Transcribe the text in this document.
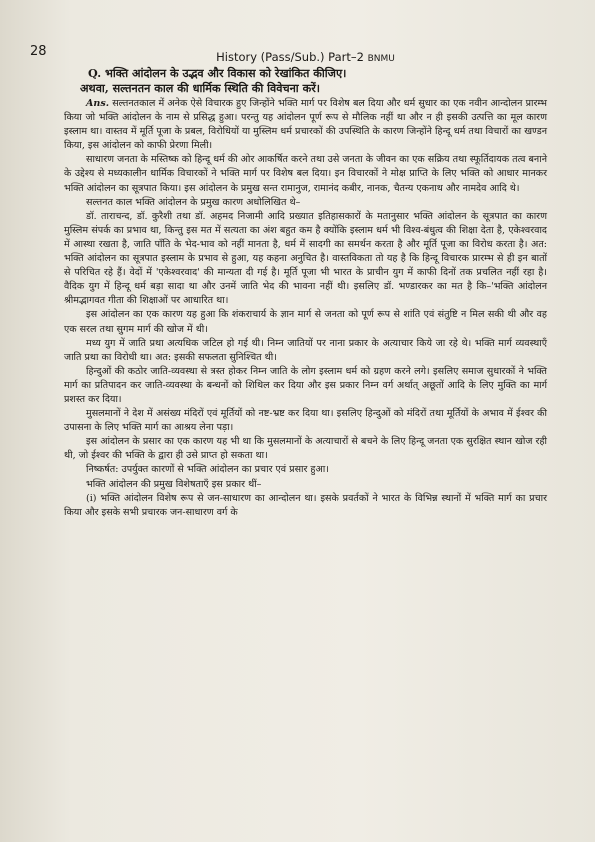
28	History (Pass/Sub.) Part–2 BNMU
Q. भक्ति आंदोलन के उद्भव और विकास को रेखांकित कीजिए।
अथवा, सल्तनतन काल की धार्मिक स्थिति की विवेचना करें।

Ans. सल्तनतकाल में अनेक ऐसे विचारक हुए जिन्होंने भक्ति मार्ग पर विशेष बल दिया और धर्म सुधार का एक नवीन आन्दोलन प्रारम्भ किया जो भक्ति आंदोलन के नाम से प्रसिद्ध हुआ। परन्तु यह आंदोलन पूर्ण रूप से मौलिक नहीं था और न ही इसकी उत्पत्ति का मूल कारण इस्लाम था। वास्तव में मूर्ति पूजा के प्रबल, विरोधियों या मुस्लिम धर्म प्रचारकों की उपस्थिति के कारण जिन्होंने हिन्दू धर्म तथा विचारों का खण्डन किया, इस आंदोलन को काफी प्रेरणा मिली।

साधारण जनता के मस्तिष्क को हिन्दू धर्म की ओर आकर्षित करने तथा उसे जनता के जीवन का एक सक्रिय तथा स्फूर्तिदायक तत्व बनाने के उद्देश्य से मध्यकालीन धार्मिक विचारकों ने भक्ति मार्ग पर विशेष बल दिया। इन विचारकों ने मोक्ष प्राप्ति के लिए भक्ति को आधार मानकर भक्ति आंदोलन का सूत्रपात किया। इस आंदोलन के प्रमुख सन्त रामानुज, रामानंद कबीर, नानक, चैतन्य एकनाथ और नामदेव आदि थे।

सल्तनत काल भक्ति आंदोलन के प्रमुख कारण अधोलिखित थे–

डॉ. ताराचन्द, डॉ. कुरैशी तथा डॉ. अहमद निजामी आदि प्रख्यात इतिहासकारों के मतानुसार भक्ति आंदोलन के सूत्रपात का कारण मुस्लिम संपर्क का प्रभाव था, किन्तु इस मत में सत्यता का अंश बहुत कम है क्योंकि इस्लाम धर्म भी विश्व-बंधुत्व की शिक्षा देता है, एकेश्वरवाद में आस्था रखता है, जाति पाँति के भेद-भाव को नहीं मानता है, धर्म में सादगी का समर्थन करता है और मूर्ति पूजा का विरोध करता है। अत: भक्ति आंदोलन का सूत्रपात इस्लाम के प्रभाव से हुआ, यह कहना अनुचित है। वास्तविकता तो यह है कि हिन्दू विचारक प्रारम्भ से ही इन बातों से परिचित रहे हैं। वेदों में 'एकेश्वरवाद' की मान्यता दी गई है। मूर्ति पूजा भी भारत के प्राचीन युग में काफी दिनों तक प्रचलित नहीं रहा है। वैदिक युग में हिन्दू धर्म बड़ा सादा था और उनमें जाति भेद की भावना नहीं थी। इसलिए डॉ. भण्डारकर का मत है कि–'भक्ति आंदोलन श्रीमद्भागवत गीता की शिक्षाओं पर आधारित था।

इस आंदोलन का एक कारण यह हुआ कि शंकराचार्य के ज्ञान मार्ग से जनता को पूर्ण रूप से शांति एवं संतुष्टि न मिल सकी थी और वह एक सरल तथा सुगम मार्ग की खोज में थी।

मध्य युग में जाति प्रथा अत्यधिक जटिल हो गई थी। निम्न जातियों पर नाना प्रकार के अत्याचार किये जा रहे थे। भक्ति मार्ग व्यवस्थाएँ जाति प्रथा का विरोधी था। अत: इसकी सफलता सुनिश्चित थी।

हिन्दुओं की कठोर जाति-व्यवस्था से त्रस्त होकर निम्न जाति के लोग इस्लाम धर्म को ग्रहण करने लगे। इसलिए समाज सुधारकों ने भक्ति मार्ग का प्रतिपादन कर जाति-व्यवस्था के बन्धनों को शिथिल कर दिया और इस प्रकार निम्न वर्ग अर्थात् अछूतों आदि के लिए मुक्ति का मार्ग प्रशस्त कर दिया।

मुसलमानों ने देश में असंख्य मंदिरों एवं मूर्तियों को नष्ट-भ्रष्ट कर दिया था। इसलिए हिन्दुओं को मंदिरों तथा मूर्तियों के अभाव में ईश्वर की उपासना के लिए भक्ति मार्ग का आश्रय लेना पड़ा।

इस आंदोलन के प्रसार का एक कारण यह भी था कि मुसलमानों के अत्याचारों से बचने के लिए हिन्दू जनता एक सुरक्षित स्थान खोज रही थी, जो ईश्वर की भक्ति के द्वारा ही उसे प्राप्त हो सकता था।

निष्कर्षत: उपर्युक्त कारणों से भक्ति आंदोलन का प्रचार एवं प्रसार हुआ।

भक्ति आंदोलन की प्रमुख विशेषताएँ इस प्रकार थीं–

(i) भक्ति आंदोलन विशेष रूप से जन-साधारण का आन्दोलन था। इसके प्रवर्तकों ने भारत के विभिन्न स्थानों में भक्ति मार्ग का प्रचार किया और इसके सभी प्रचारक जन-साधारण वर्ग के
